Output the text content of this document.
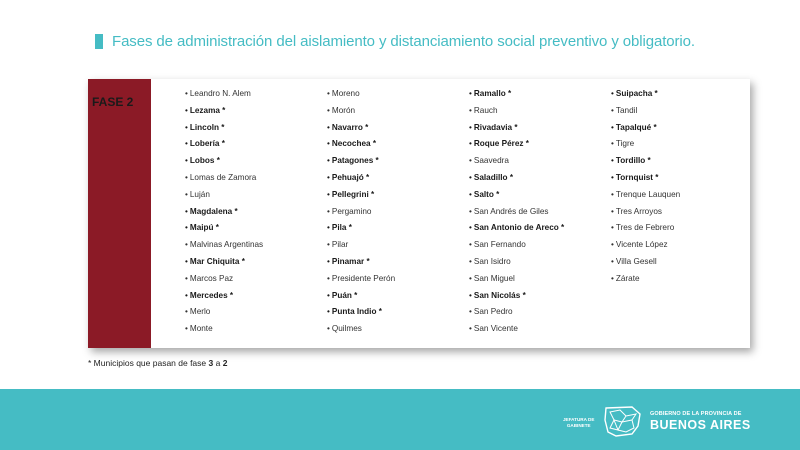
Fases de administración del aislamiento y distanciamiento social preventivo y obligatorio.
FASE 2
• Leandro N. Alem
• Lezama *
• Lincoln *
• Lobería *
• Lobos *
• Lomas de Zamora
• Luján
• Magdalena *
• Maipú *
• Malvinas Argentinas
• Mar Chiquita *
• Marcos Paz
• Mercedes *
• Merlo
• Monte
• Moreno
• Morón
• Navarro *
• Necochea *
• Patagones *
• Pehuajó *
• Pellegrini *
• Pergamino
• Pila *
• Pilar
• Pinamar *
• Presidente Perón
• Puán *
• Punta Indio *
• Quilmes
• Ramallo *
• Rauch
• Rivadavia *
• Roque Pérez *
• Saavedra
• Saladillo *
• Salto *
• San Andrés de Giles
• San Antonio de Areco *
• San Fernando
• San Isidro
• San Miguel
• San Nicolás *
• San Pedro
• San Vicente
• Suipacha *
• Tandil
• Tapalqué *
• Tigre
• Tordillo *
• Tornquist *
• Trenque Lauquen
• Tres Arroyos
• Tres de Febrero
• Vicente López
• Villa Gesell
• Zárate
* Municipios que pasan de fase 3 a 2
JEFATURA DE
GABINETE
GOBIERNO DE LA PROVINCIA DE
BUENOS AIRES
